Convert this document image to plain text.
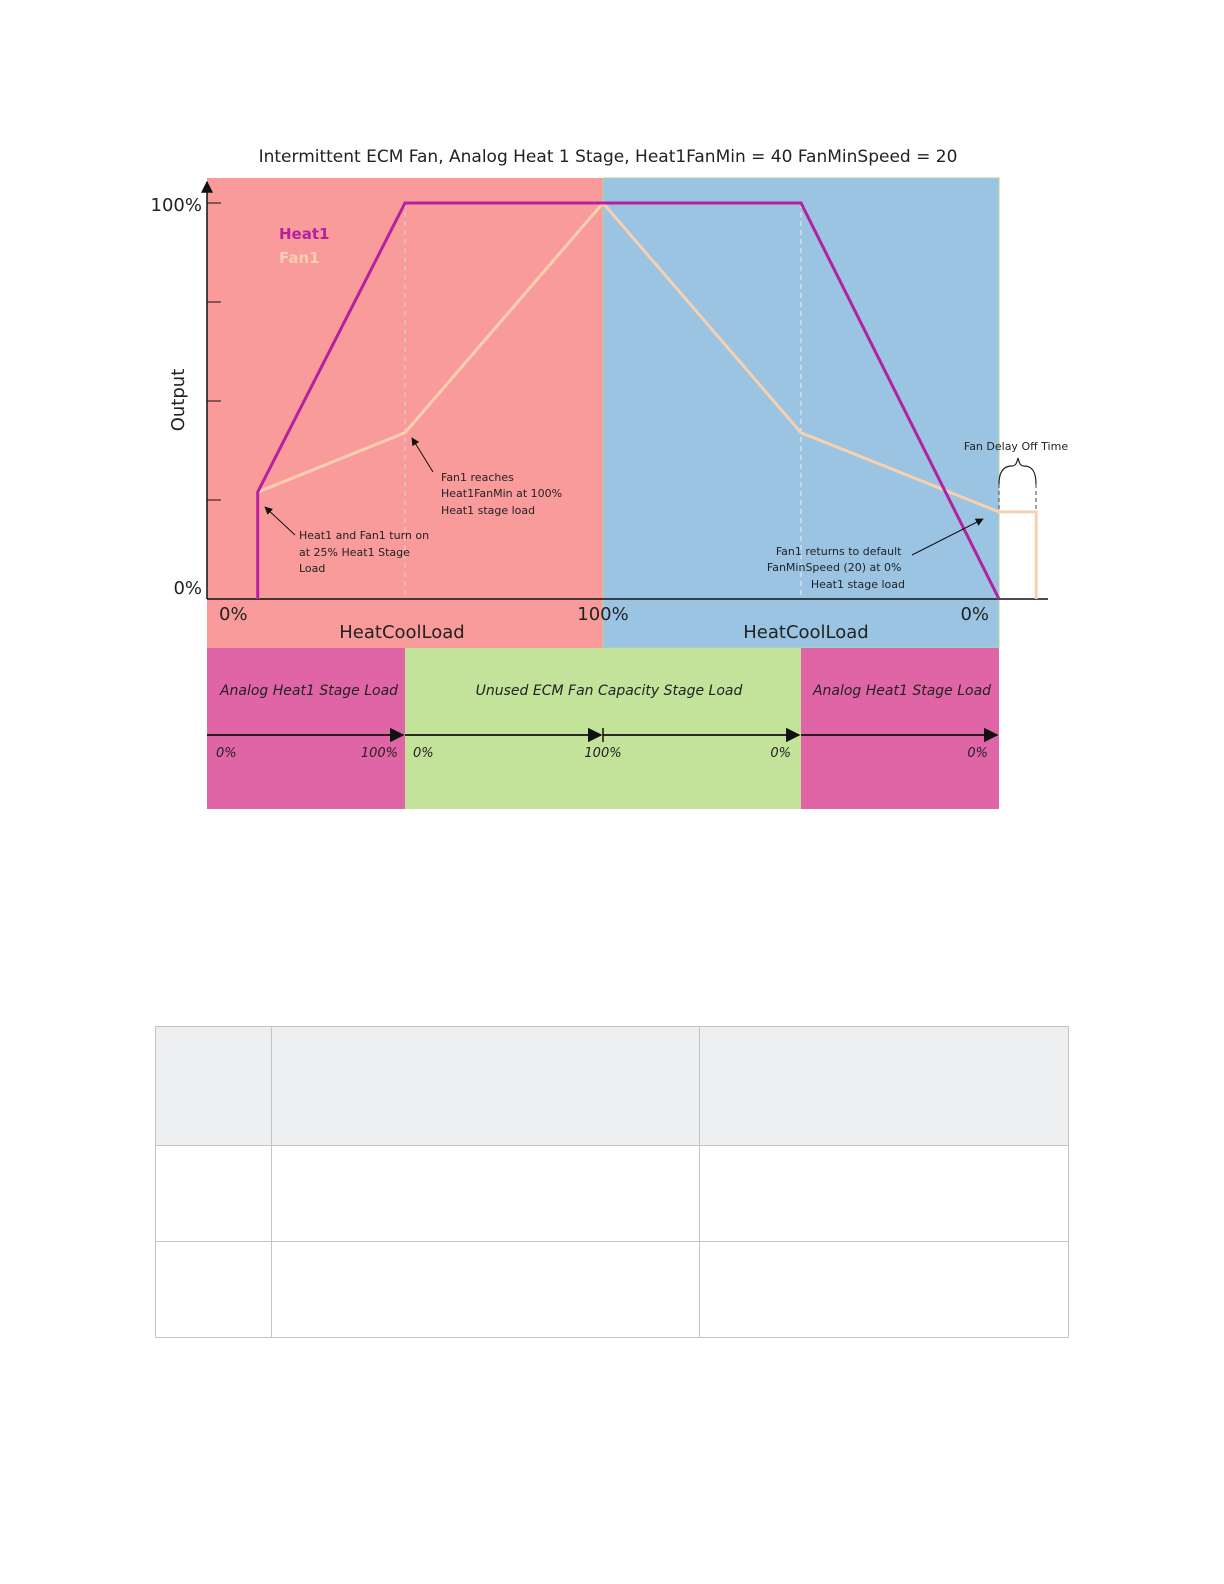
Intermittent ECM Fan, Analog Heat 1 Stage, Heat1FanMin = 40 FanMinSpeed = 20
100%
0%
Output
0%	100%	0%
HeatCoolLoad	HeatCoolLoad
Heat1
Fan1
Fan1 reaches Heat1FanMin at 100% Heat1 stage load
Heat1 and Fan1 turn on at 25% Heat1 Stage Load
Fan1 returns to default FanMinSpeed (20) at 0% Heat1 stage load
Fan Delay Off Time
Analog Heat1 Stage Load	Unused ECM Fan Capacity Stage Load	Analog Heat1 Stage Load
0%	100% 0%	100%	0%	0%
